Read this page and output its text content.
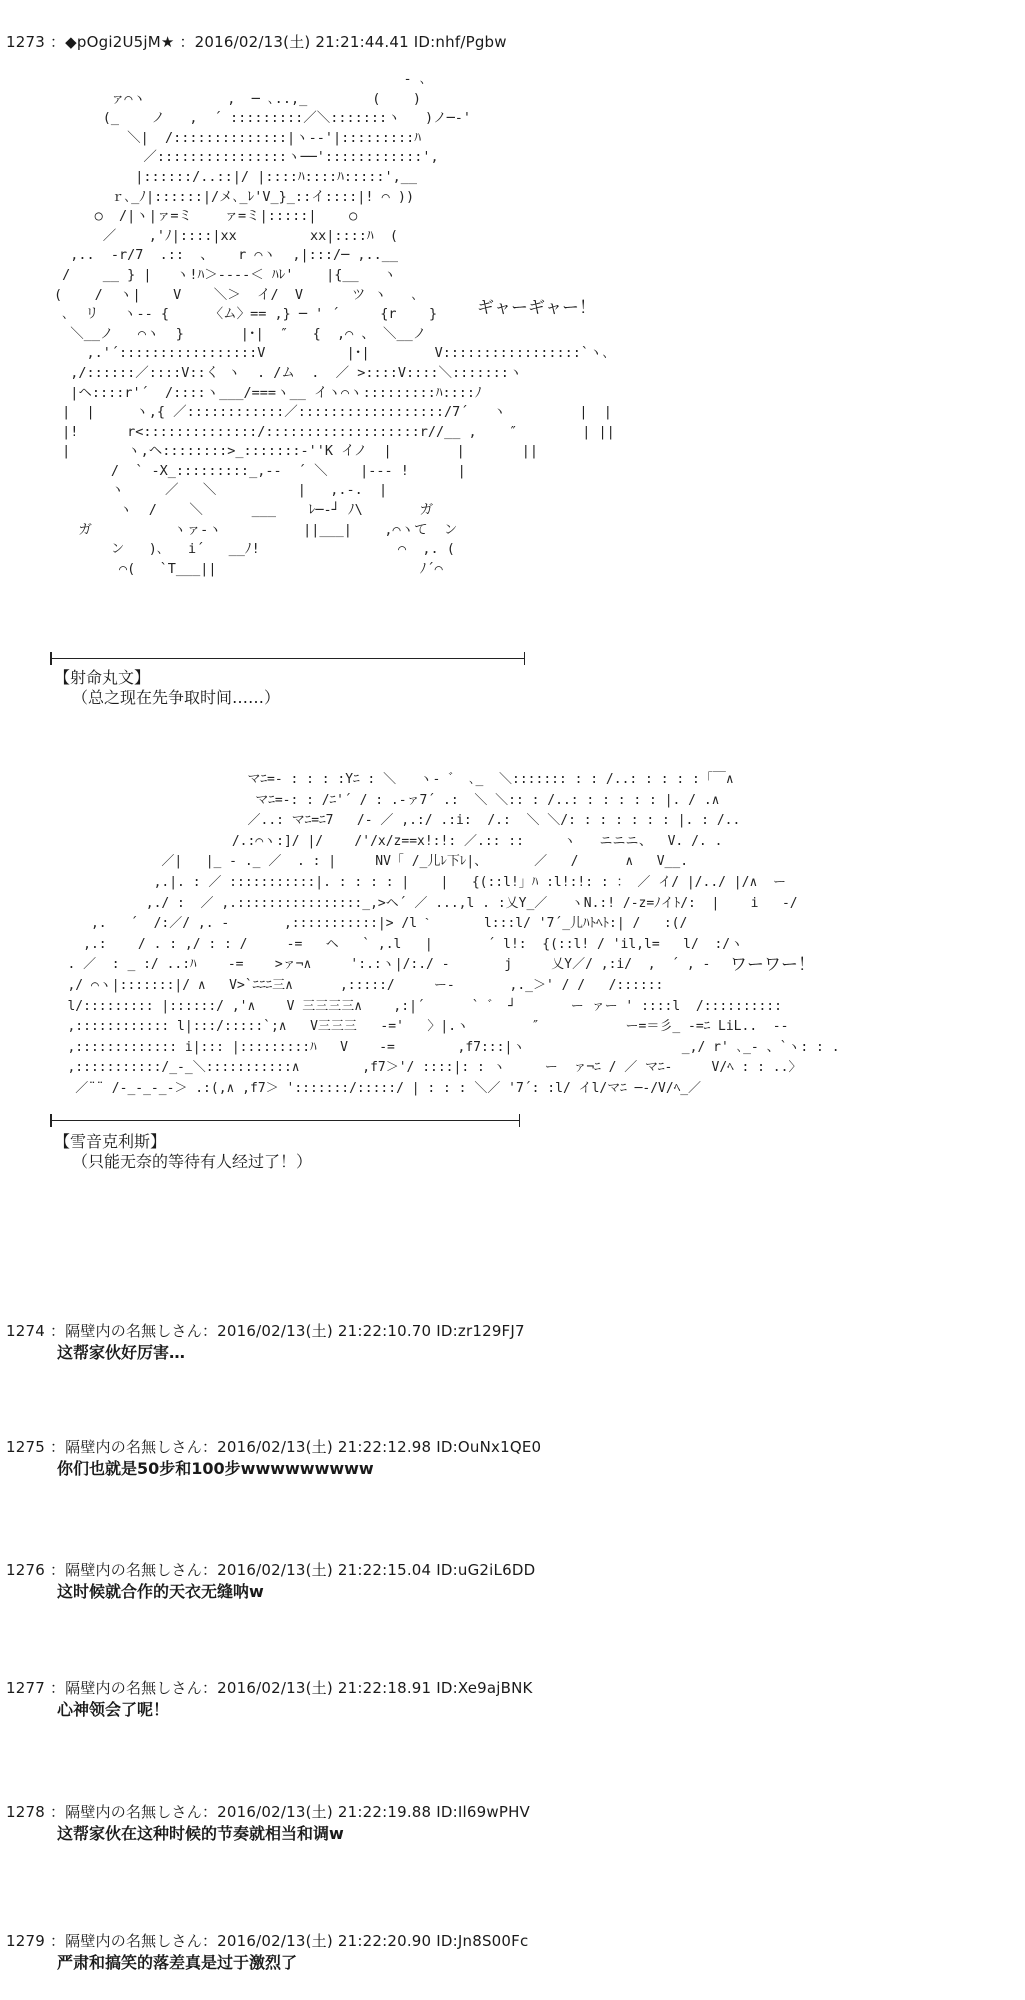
1273 ：◆pOgi2U5jM★ ：2016/02/13(土) 21:21:44.41 ID:nhf/Pgbw
‐ ､
ァ⌒ヽ          ,  ─ ､..,_        (    )
(_    ノ   ,  ´ :::::::::／＼:::::::ヽ   )ノ─‐'
＼|  /::::::::::::::|ヽ‐‐'|:::::::::ﾊ
／::::::::::::::::ヽ──'::::::::::::',
|::::::/..::|/ |::::ﾊ::::ﾊ:::::',__
ｒ､_ﾉ|::::::|/メ､_ﾚ'V_}_::イ::::|! ⌒ ))
○  /|ヽ|ァ=ミ    ァ=ミ|:::::|    ○
／    ,'ﾉ|::::|xx         xx|::::ﾊ  (
,..  -r/7  .::  、   r ⌒ヽ  ,|:::/─ ,..__
/    __ } |   ヽ!ﾊ＞----＜ ﾊﾚ'    |{__   ヽ
(    /  ヽ|    V    ＼＞  イ/  V      ツ ヽ   ､
､  リ   ヽ-‐ {     〈ム〉== ,} ─ ' ´     {r    }
＼__ノ   ⌒ヽ  }       |･|  ″   {  ,⌒ 、 ＼__ノ
,.'´:::::::::::::::::V          |･|        V:::::::::::::::::`ヽ､
,/::::::／::::V::く ヽ  . /ム  .  ／ >::::V::::＼:::::::ヽ
|ヘ::::r'´  /::::ヽ___/===ヽ__ イヽ⌒ヽ:::::::::ﾊ::::ﾉ
|  |     ヽ,{ ／::::::::::::／::::::::::::::::::/7´   ヽ         |  |
|!      r<::::::::::::::/:::::::::::::::::::r//__ ,    ″        | ||
|       ヽ,ヘ::::::::>_:::::::‐''K イノ  |        |       ||
/  ` ‐X_:::::::::_,-‐  ´ ＼    |‐‐‐ !      |
ヽ     ／   ＼          |   ,.-.  |
ヽ  /    ＼      ___    ﾚ─‐┘ ﾉ\       ガ
ガ          ヽァ‐ヽ          ||___|    ,⌒ヽて  ン
ン   )､   i´   __ﾉ!                 ⌒  ,. (
⌒(   `T___||                         ﾉ´⌒
ギャーギャー！
【射命丸文】
（总之现在先争取时间……）
マﾆ=‐ : : : :Yﾆ : ＼   ヽ‐ ゛ ､_  ＼::::::: : : /..: : : : :「￣∧
マﾆ=‐: : /ﾆ'´ / : .‐ァ7´ .:  ＼ ＼:: : /..: : : : : : |. / .∧
／..: マﾆ=ﾆ7   /‐ ／ ,.:/ .:i:  /.:  ＼ ＼/: : : : : : : |. : /..
/.:⌒ヽ:]/ |/    /'/x/z==x!:!: ／.:: ::     ヽ   ニニニ、  V. /. .
／|   |_ ‐ ._ ／  . : |     NV「 /_儿ﾚ下ﾚ|、      ／   /      ∧   V__.
,.|. : ／ :::::::::::|. : : : : |    |   {(::l!」ﾊ :l!:!: : ： ／ イ/ |/../ |/∧  ー
,./ :  ／ ,.::::::::::::::::_,>ヘ´ ／ ...,l . :乂Y_／   ヽN.:! /‐z=ﾉイﾄ/:  |    i   ‐/
,.   ´  /:／/ ,. ‐       ,:::::::::::|> /l ˋ       l:::l/ '7´_儿ﾊﾄﾍﾄ:| /   :(/
,.:    / . : ,/ : : /     -=   ヘ   ` ,.l   |       ´ l!:  {(::l! / 'il,l=   l/  :/ヽ
. ／  : _ :/ ..:ﾊ    -=    >ァ¬∧     ':.:ヽ|/:./ ‐       j     乂Y／/ ,:i/  ,  ´ , ‐
,/ ⌒ヽ|:::::::|/ ∧   V>`ﾆﾆﾆ三∧      ,:::::/     ー‐       ,._＞' / /   /::::::
l/::::::::: |::::::/ ,'∧    V 三三三三∧    ,:|´      ` ゛ ┘       ー ァー ' ::::l  /::::::::::
,:::::::::::: l|:::/:::::`;∧   V三三三   -='   〉|.ヽ        ″           ー=＝彡_ ‐=ﾆ LiL..  -‐
,::::::::::::: i|::: |:::::::::ﾊ   V    -=        ,f7:::|ヽ                    _,/ r' ､_‐ 、`ヽ: : .
,:::::::::::/_‐_＼:::::::::::∧        ,f7＞'/ ::::|: : ヽ     ー  ァ¬ﾆ / ／ マﾆ‐     V/ﾍ : : ..〉
／¨¨ /‐_‐_‐_-＞ .:(,∧ ,f7＞ ':::::::/:::::/ | : : : ＼／ '7´: :l/ イl/マﾆ ─‐/V/ﾍ_／
ワーワー！
【雪音克利斯】
（只能无奈的等待有人经过了！）
1274 ：隔壁内の名無しさん：2016/02/13(土) 21:22:10.70 ID:zr129FJ7
这帮家伙好厉害…
1275 ：隔壁内の名無しさん：2016/02/13(土) 21:22:12.98 ID:OuNx1QE0
你们也就是50步和100步wwwwwwwww
1276 ：隔壁内の名無しさん：2016/02/13(土) 21:22:15.04 ID:uG2iL6DD
这时候就合作的天衣无缝呐w
1277 ：隔壁内の名無しさん：2016/02/13(土) 21:22:18.91 ID:Xe9ajBNK
心神领会了呢！
1278 ：隔壁内の名無しさん：2016/02/13(土) 21:22:19.88 ID:Il69wPHV
这帮家伙在这种时候的节奏就相当和调w
1279 ：隔壁内の名無しさん：2016/02/13(土) 21:22:20.90 ID:Jn8S00Fc
严肃和搞笑的落差真是过于激烈了
